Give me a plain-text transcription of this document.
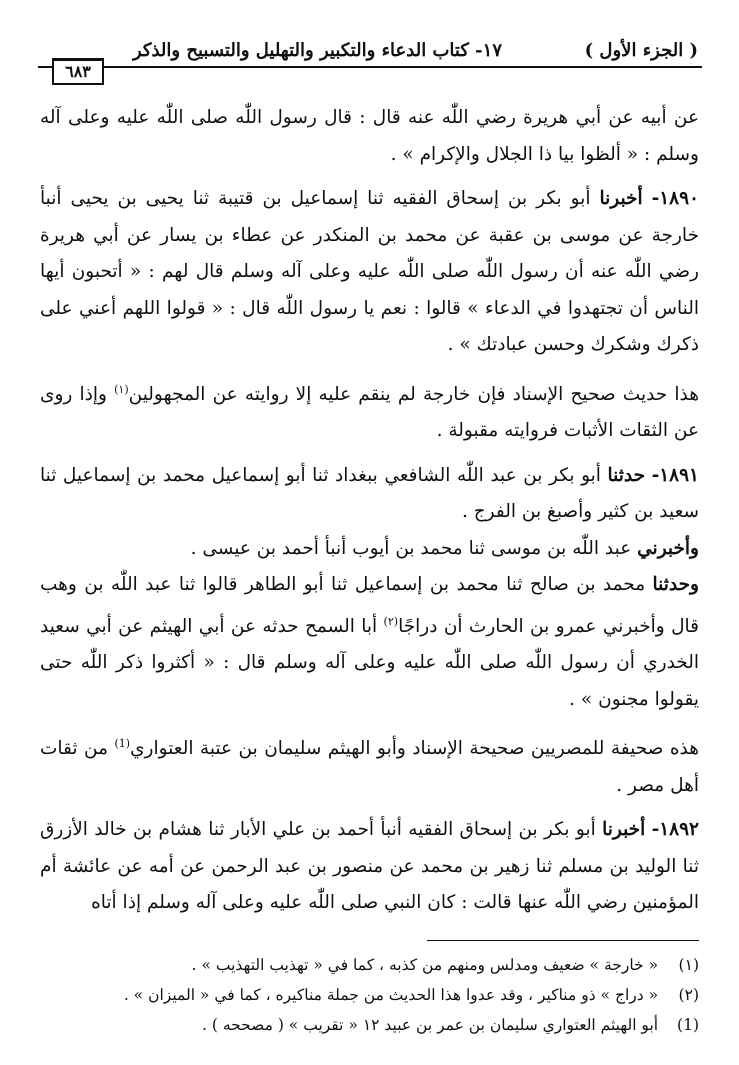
( الجزء الأول )
١٧- كتاب الدعاء والتكبير والتهليل والتسبيح والذكر
٦٨٣

عن أبيه عن أبي هريرة رضي اللّٰه عنه قال : قال رسول اللّٰه صلى اللّٰه عليه وعلى آله وسلم : « ألظوا بيا ذا الجلال والإكرام » .

١٨٩٠- أخبرنا أبو بكر بن إسحاق الفقيه ثنا إسماعيل بن قتيبة ثنا يحيى بن يحيى أنبأ خارجة عن موسى بن عقبة عن محمد بن المنكدر عن عطاء بن يسار عن أبي هريرة رضي اللّٰه عنه أن رسول اللّٰه صلى اللّٰه عليه وعلى آله وسلم قال لهم : « أتحبون أيها الناس أن تجتهدوا في الدعاء » قالوا : نعم يا رسول اللّٰه قال : « قولوا اللهم أعني على ذكرك وشكرك وحسن عبادتك » .

هذا حديث صحيح الإسناد فإن خارجة لم ينقم عليه إلا روايته عن المجهولين$^{(١)}$ وإذا روى عن الثقات الأثبات فروايته مقبولة .

١٨٩١- حدثنا أبو بكر بن عبد اللّٰه الشافعي ببغداد ثنا أبو إسماعيل محمد بن إسماعيل ثنا سعيد بن كثير وأصبغ بن الفرج .

وأخبرني عبد اللّٰه بن موسى ثنا محمد بن أيوب أنبأ أحمد بن عيسى .

وحدثنا محمد بن صالح ثنا محمد بن إسماعيل ثنا أبو الطاهر قالوا ثنا عبد اللّٰه بن وهب قال وأخبرني عمرو بن الحارث أن دراجًا$^{(٢)}$ أبا السمح حدثه عن أبي الهيثم عن أبي سعيد الخدري أن رسول اللّٰه صلى اللّٰه عليه وعلى آله وسلم قال : « أكثروا ذكر اللّٰه حتى يقولوا مجنون » .

هذه صحيفة للمصريين صحيحة الإسناد وأبو الهيثم سليمان بن عتبة العتواري$^{(1)}$ من ثقات أهل مصر .

١٨٩٢- أخبرنا أبو بكر بن إسحاق الفقيه أنبأ أحمد بن علي الأبار ثنا هشام بن خالد الأزرق ثنا الوليد بن مسلم ثنا زهير بن محمد عن منصور بن عبد الرحمن عن أمه عن عائشة أم المؤمنين رضي اللّٰه عنها قالت : كان النبي صلى اللّٰه عليه وعلى آله وسلم إذا أتاه

(١) « خارجة » ضعيف ومدلس ومنهم من كذبه ، كما في « تهذيب التهذيب » .
(٢) « دراج » ذو مناكير ، وقد عدوا هذا الحديث من جملة مناكيره ، كما في « الميزان » .
(1) أبو الهيثم العتواري سليمان بن عمر بن عبيد ١٢ « تقريب » ( مصححه ) .
